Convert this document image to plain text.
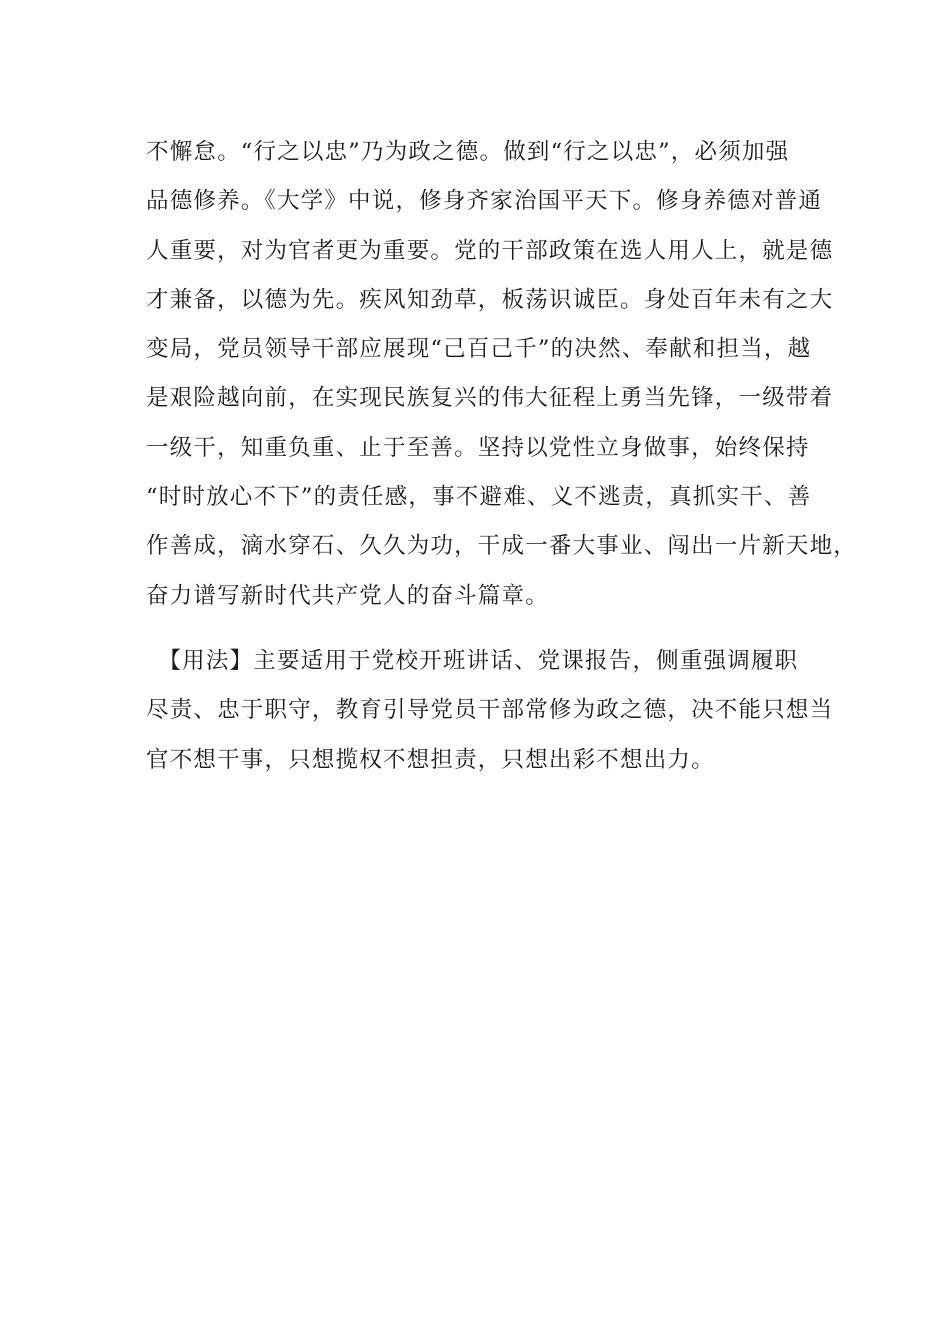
不懈怠。“行之以忠”乃为政之德。做到“行之以忠”，必须加强
品德修养。《大学》中说，修身齐家治国平天下。修身养德对普通
人重要，对为官者更为重要。党的干部政策在选人用人上，就是德
才兼备，以德为先。疾风知劲草，板荡识诚臣。身处百年未有之大
变局，党员领导干部应展现“己百己千”的决然、奉献和担当，越
是艰险越向前，在实现民族复兴的伟大征程上勇当先锋，一级带着
一级干，知重负重、止于至善。坚持以党性立身做事，始终保持
“时时放心不下”的责任感，事不避难、义不逃责，真抓实干、善
作善成，滴水穿石、久久为功，干成一番大事业、闯出一片新天地，
奋力谱写新时代共产党人的奋斗篇章。
　【用法】主要适用于党校开班讲话、党课报告，侧重强调履职
尽责、忠于职守，教育引导党员干部常修为政之德，决不能只想当
官不想干事，只想揽权不想担责，只想出彩不想出力。
